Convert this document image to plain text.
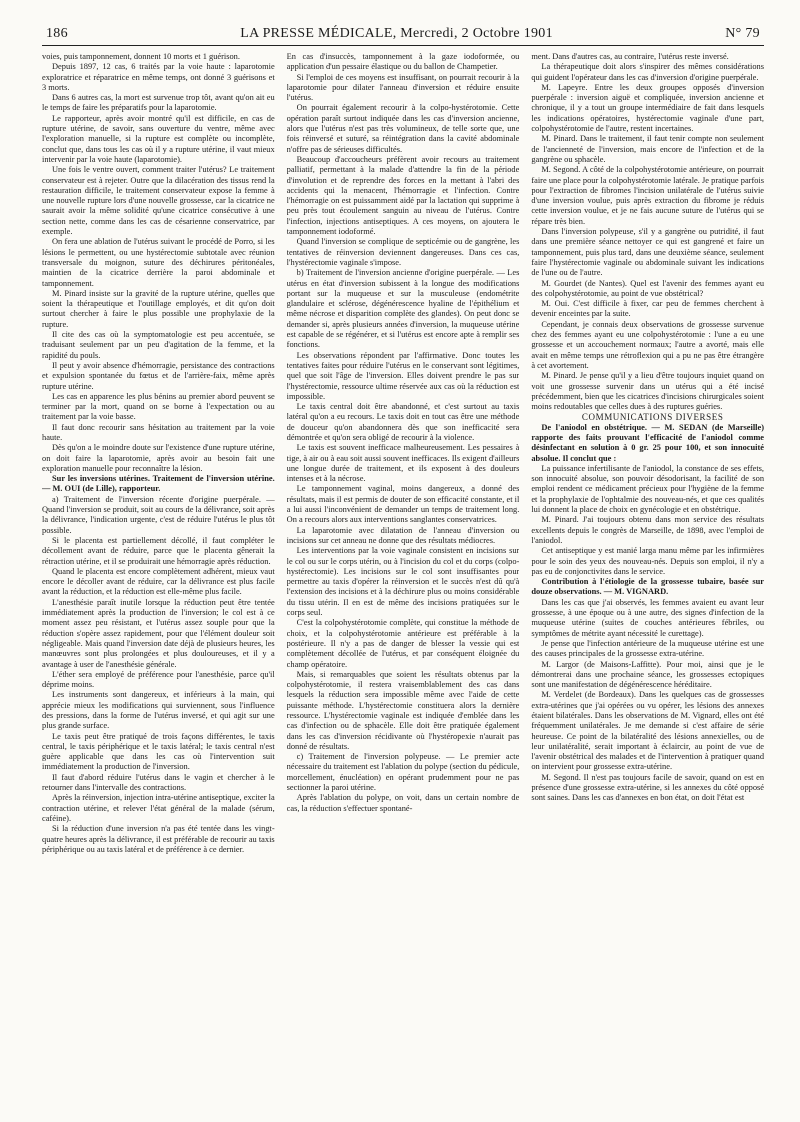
186	LA PRESSE MÉDICALE, Mercredi, 2 Octobre 1901	N° 79

voies, puis tamponnement, donnent 10 morts et 1 guérison.

Depuis 1897, 12 cas, 6 traités par la voie haute : laparotomie exploratrice et réparatrice en même temps, ont donné 3 guérisons et 3 morts.

Dans 6 autres cas, la mort est survenue trop tôt, avant qu'on ait eu le temps de faire les préparatifs pour la laparotomie.

Le rapporteur, après avoir montré qu'il est difficile, en cas de rupture utérine, de savoir, sans ouverture du ventre, même avec l'exploration manuelle, si la rupture est complète ou incomplète, conclut que, dans tous les cas où il y a rupture utérine, il vaut mieux intervenir par la voie haute (laparotomie).

Une fois le ventre ouvert, comment traiter l'utérus? Le traitement conservateur est à rejeter. Outre que la dilacération des tissus rend la restauration difficile, le traitement conservateur expose la femme à une nouvelle rupture lors d'une nouvelle grossesse, car la cicatrice ne saurait avoir la même solidité qu'une cicatrice consécutive à une section nette, comme dans les cas de césarienne conservatrice, par exemple.

On fera une ablation de l'utérus suivant le procédé de Porro, si les lésions le permettent, ou une hystérectomie subtotale avec réunion transversale du moignon, suture des déchirures péritonéales, maintien de la cicatrice derrière la paroi abdominale et tamponnement.

M. Pinard insiste sur la gravité de la rupture utérine, quelles que soient la thérapeutique et l'outillage employés, et dit qu'on doit surtout chercher à faire le plus possible une prophylaxie de la rupture.

Il cite des cas où la symptomatologie est peu accentuée, se traduisant seulement par un peu d'agitation de la femme, et la rapidité du pouls.

Il peut y avoir absence d'hémorragie, persistance des contractions et expulsion spontanée du fœtus et de l'arrière-faix, même après rupture utérine.

Les cas en apparence les plus bénins au premier abord peuvent se terminer par la mort, quand on se borne à l'expectation ou au traitement par la voie basse.

Il faut donc recourir sans hésitation au traitement par la voie haute.

Dès qu'on a le moindre doute sur l'existence d'une rupture utérine, on doit faire la laparotomie, après avoir au besoin fait une exploration manuelle pour reconnaître la lésion.

Sur les inversions utérines. Traitement de l'inversion utérine. — M. OUI (de Lille), rapporteur.

a) Traitement de l'inversion récente d'origine puerpérale. — Quand l'inversion se produit, soit au cours de la délivrance, soit après la délivrance, l'indication urgente, c'est de réduire l'utérus le plus tôt possible.

Si le placenta est partiellement décollé, il faut compléter le décollement avant de réduire, parce que le placenta gênerait la rétraction utérine, et il se produirait une hémorragie après réduction.

Quand le placenta est encore complètement adhérent, mieux vaut encore le décoller avant de réduire, car la délivrance est plus facile avant la réduction, et la réduction est elle-même plus facile.

L'anesthésie paraît inutile lorsque la réduction peut être tentée immédiatement après la production de l'inversion; le col est à ce moment assez peu résistant, et l'utérus assez souple pour que la réduction s'opère assez rapidement, pour que l'élément douleur soit négligeable. Mais quand l'inversion date déjà de plusieurs heures, les manœuvres sont plus prolongées et plus douloureuses, et il y a avantage à user de l'anesthésie générale.

L'éther sera employé de préférence pour l'anesthésie, parce qu'il déprime moins.

Les instruments sont dangereux, et inférieurs à la main, qui apprécie mieux les modifications qui surviennent, sous l'influence des pressions, dans la forme de l'utérus inversé, et qui agit sur une plus grande surface.

Le taxis peut être pratiqué de trois façons différentes, le taxis central, le taxis périphérique et le taxis latéral; le taxis central n'est guère applicable que dans les cas où l'intervention suit immédiatement la production de l'inversion.

Il faut d'abord réduire l'utérus dans le vagin et chercher à le retourner dans l'intervalle des contractions.

Après la réinversion, injection intra-utérine antiseptique, exciter la contraction utérine, et relever l'état général de la malade (sérum, caféine).

Si la réduction d'une inversion n'a pas été tentée dans les vingt-quatre heures après la délivrance, il est préférable de recourir au taxis périphérique ou au taxis latéral et de préférence à ce dernier.

En cas d'insuccès, tamponnement à la gaze iodoformée, ou application d'un pessaire élastique ou du ballon de Champetier.

Si l'emploi de ces moyens est insuffisant, on pourrait recourir à la laparotomie pour dilater l'anneau d'inversion et réduire ensuite l'utérus.

On pourrait également recourir à la colpo-hystérotomie. Cette opération paraît surtout indiquée dans les cas d'inversion ancienne, alors que l'utérus n'est pas très volumineux, de telle sorte que, une fois réinversé et suturé, sa réintégration dans la cavité abdominale n'offre pas de sérieuses difficultés.

Beaucoup d'accoucheurs préfèrent avoir recours au traitement palliatif, permettant à la malade d'attendre la fin de la période d'involution et de reprendre des forces en la mettant à l'abri des accidents qui la menacent, l'hémorragie et l'infection. Contre l'hémorragie on est puissamment aidé par la lactation qui supprime à peu près tout écoulement sanguin au niveau de l'utérus. Contre l'infection, injections antiseptiques. A ces moyens, on ajoutera le tamponnement iodoformé.

Quand l'inversion se complique de septicémie ou de gangrène, les tentatives de réinversion deviennent dangereuses. Dans ces cas, l'hystérectomie vaginale s'impose.

b) Traitement de l'inversion ancienne d'origine puerpérale. — Les utérus en état d'inversion subissent à la longue des modifications portant sur la muqueuse et sur la musculeuse (endométrite glandulaire et sclérose, dégénérescence hyaline de l'épithélium et même nécrose et disparition complète des glandes). On peut donc se demander si, après plusieurs années d'inversion, la muqueuse utérine est capable de se régénérer, et si l'utérus est encore apte à remplir ses fonctions.

Les observations répondent par l'affirmative. Donc toutes les tentatives faites pour réduire l'utérus en le conservant sont légitimes, quel que soit l'âge de l'inversion. Elles doivent prendre le pas sur l'hystérectomie, ressource ultime réservée aux cas où la réduction est impossible.

Le taxis central doit être abandonné, et c'est surtout au taxis latéral qu'on a eu recours. Le taxis doit en tout cas être une méthode de douceur qu'on abandonnera dès que son inefficacité sera démontrée et qu'on sera obligé de recourir à la violence.

Le taxis est souvent inefficace malheureusement. Les pessaires à tige, à air ou à eau soit aussi souvent inefficaces. Ils exigent d'ailleurs une longue durée de traitement, et ils exposent à des douleurs intenses et à la nécrose.

Le tamponnement vaginal, moins dangereux, a donné des résultats, mais il est permis de douter de son efficacité constante, et il a lui aussi l'inconvénient de demander un temps de traitement long. On a recours alors aux interventions sanglantes conservatrices.

La laparotomie avec dilatation de l'anneau d'inversion ou incisions sur cet anneau ne donne que des résultats médiocres.

Les interventions par la voie vaginale consistent en incisions sur le col ou sur le corps utérin, ou à l'incision du col et du corps (colpo-hystérectomie). Les incisions sur le col sont insuffisantes pour permettre au taxis d'opérer la réinversion et le succès n'est dû qu'à l'extension des incisions et à la déchirure plus ou moins considérable du tissu utérin. Il en est de même des incisions pratiquées sur le corps seul.

C'est la colpohystérotomie complète, qui constitue la méthode de choix, et la colpohystérotomie antérieure est préférable à la postérieure. Il n'y a pas de danger de blesser la vessie qui est complètement décollée de l'utérus, et par conséquent éloignée du champ opératoire.

Mais, si remarquables que soient les résultats obtenus par la colpohystérotomie, il restera vraisemblablement des cas dans lesquels la réduction sera impossible même avec l'aide de cette puissante méthode. L'hystérectomie constituera alors la dernière ressource. L'hystérectomie vaginale est indiquée d'emblée dans les cas d'infection ou de sphacèle. Elle doit être pratiquée également dans les cas d'inversion récidivante où l'hystéropexie n'aurait pas donné de résultats.

c) Traitement de l'inversion polypeuse. — Le premier acte nécessaire du traitement est l'ablation du polype (section du pédicule, morcellement, énucléation) en opérant prudemment pour ne pas sectionner la paroi utérine.

Après l'ablation du polype, on voit, dans un certain nombre de cas, la réduction s'effectuer spontané-

ment. Dans d'autres cas, au contraire, l'utérus reste inversé.

La thérapeutique doit alors s'inspirer des mêmes considérations qui guident l'opérateur dans les cas d'inversion d'origine puerpérale.

M. Lapeyre. Entre les deux groupes opposés d'inversion puerpérale : inversion aiguë et compliquée, inversion ancienne et chronique, il y a tout un groupe intermédiaire de fait dans lesquels les indications opératoires, hystérectomie vaginale d'une part, colpohystérotomie de l'autre, restent incertaines.

M. Pinard. Dans le traitement, il faut tenir compte non seulement de l'ancienneté de l'inversion, mais encore de l'infection et de la gangrène ou sphacèle.

M. Segond. A côté de la colpohystérotomie antérieure, on pourrait faire une place pour la colpohystérotomie latérale. Je pratique parfois pour l'extraction de fibromes l'incision unilatérale de l'utérus suivie d'une inversion voulue, puis après extraction du fibrome je réduis cette inversion voulue, et je ne fais aucune suture de l'utérus qui se répare très bien.

Dans l'inversion polypeuse, s'il y a gangrène ou putridité, il faut dans une première séance nettoyer ce qui est gangrené et faire un tamponnement, puis plus tard, dans une deuxième séance, seulement faire l'hystérectomie vaginale ou abdominale suivant les indications de l'une ou de l'autre.

M. Gourdet (de Nantes). Quel est l'avenir des femmes ayant eu des colpohystérotomie, au point de vue obstétrical?

M. Oui. C'est difficile à fixer, car peu de femmes cherchent à devenir enceintes par la suite.

Cependant, je connais deux observations de grossesse survenue chez des femmes ayant eu une colpohystérotomie : l'une a eu une grossesse et un accouchement normaux; l'autre a avorté, mais elle avait en même temps une rétroflexion qui a pu ne pas être étrangère à cet avortement.

M. Pinard. Je pense qu'il y a lieu d'être toujours inquiet quand on voit une grossesse survenir dans un utérus qui a été incisé précédemment, bien que les cicatrices d'incisions chirurgicales soient moins redoutables que celles dues à des ruptures guéries.

COMMUNICATIONS DIVERSES

De l'aniodol en obstétrique. — M. SEDAN (de Marseille) rapporte des faits prouvant l'efficacité de l'aniodol comme désinfectant en solution à 0 gr. 25 pour 100, et son innocuité absolue. Il conclut que :

La puissance infertilisante de l'aniodol, la constance de ses effets, son innocuité absolue, son pouvoir désodorisant, la facilité de son emploi rendent ce médicament précieux pour l'hygiène de la femme et la prophylaxie de l'ophtalmie des nouveau-nés, et que ces qualités lui donnent la place de choix en gynécologie et en obstétrique.

M. Pinard. J'ai toujours obtenu dans mon service des résultats excellents depuis le congrès de Marseille, de 1898, avec l'emploi de l'aniodol.

Cet antiseptique y est manié larga manu même par les infirmières pour le soin des yeux des nouveau-nés. Depuis son emploi, il n'y a pas eu de conjonctivites dans le service.

Contribution à l'étiologie de la grossesse tubaire, basée sur douze observations. — M. VIGNARD.

Dans les cas que j'ai observés, les femmes avaient eu avant leur grossesse, à une époque ou à une autre, des signes d'infection de la muqueuse utérine (suites de couches antérieures fébriles, ou symptômes de métrite ayant nécessité le curettage).

Je pense que l'infection antérieure de la muqueuse utérine est une des causes principales de la grossesse extra-utérine.

M. Largor (de Maisons-Laffitte). Pour moi, ainsi que je le démontrerai dans une prochaine séance, les grossesses ectopiques sont une manifestation de dégénérescence héréditaire.

M. Verdelet (de Bordeaux). Dans les quelques cas de grossesses extra-utérines que j'ai opérées ou vu opérer, les lésions des annexes étaient bilatérales. Dans les observations de M. Vignard, elles ont été fréquemment unilatérales. Je me demande si c'est affaire de série heureuse. Ce point de la bilatéralité des lésions annexielles, ou de leur unilatéralité, serait important à éclaircir, au point de vue de l'avenir obstétrical des malades et de l'intervention à pratiquer quand on intervient pour grossesse extra-utérine.

M. Segond. Il n'est pas toujours facile de savoir, quand on est en présence d'une grossesse extra-utérine, si les annexes du côté opposé sont saines. Dans les cas d'annexes en bon état, on doit l'état est
